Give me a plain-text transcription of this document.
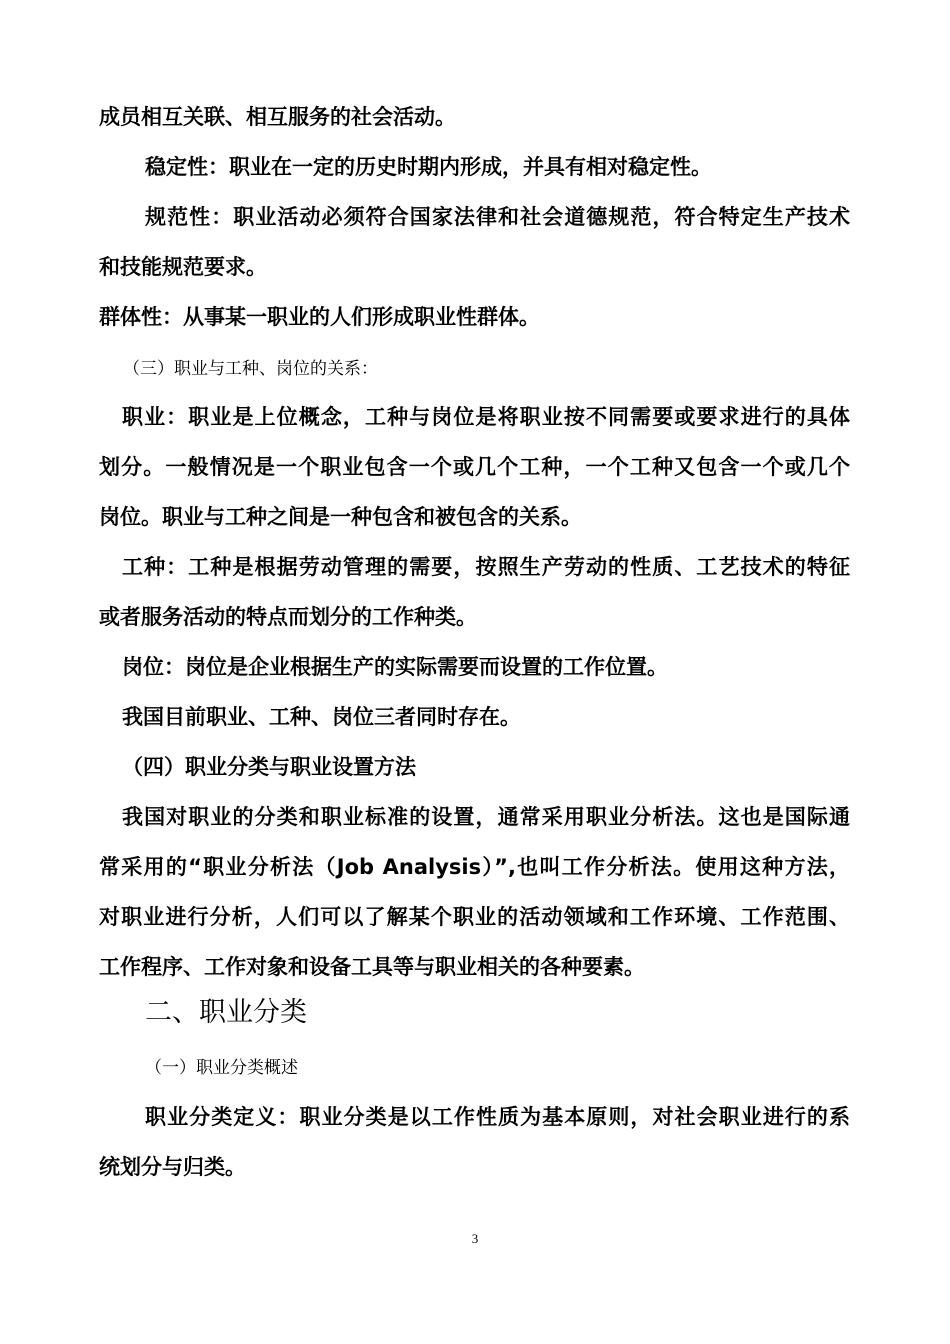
成员相互关联、相互服务的社会活动。
稳定性：职业在一定的历史时期内形成，并具有相对稳定性。
规范性：职业活动必须符合国家法律和社会道德规范，符合特定生产技术
和技能规范要求。
群体性：从事某一职业的人们形成职业性群体。
（三）职业与工种、岗位的关系：
职业：职业是上位概念，工种与岗位是将职业按不同需要或要求进行的具体
划分。一般情况是一个职业包含一个或几个工种，一个工种又包含一个或几个
岗位。职业与工种之间是一种包含和被包含的关系。
工种：工种是根据劳动管理的需要，按照生产劳动的性质、工艺技术的特征
或者服务活动的特点而划分的工作种类。
岗位：岗位是企业根据生产的实际需要而设置的工作位置。
我国目前职业、工种、岗位三者同时存在。
（四）职业分类与职业设置方法
我国对职业的分类和职业标准的设置，通常采用职业分析法。这也是国际通
常采用的“职业分析法（Job Analysis）”,也叫工作分析法。使用这种方法，
对职业进行分析，人们可以了解某个职业的活动领域和工作环境、工作范围、
工作程序、工作对象和设备工具等与职业相关的各种要素。
二、职业分类
（一）职业分类概述
职业分类定义：职业分类是以工作性质为基本原则，对社会职业进行的系
统划分与归类。
3
